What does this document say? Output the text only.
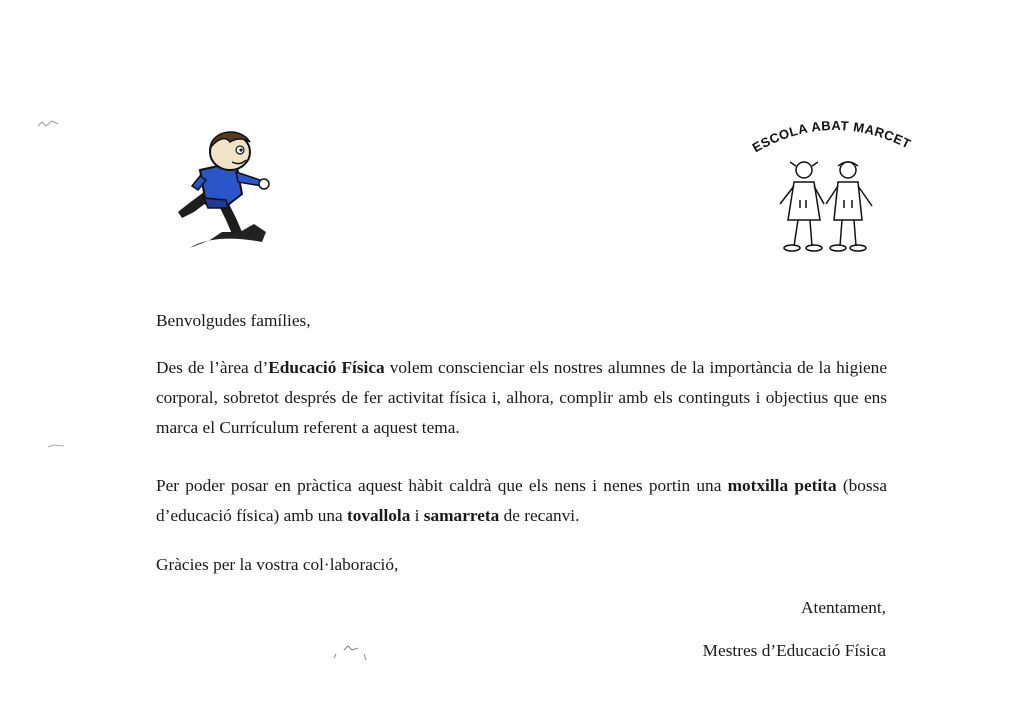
ESCOLA ABAT MARCET

Benvolgudes famílies,

Des de l’àrea d’Educació Física volem conscienciar els nostres alumnes de la importància de la higiene corporal, sobretot després de fer activitat física i, alhora, complir amb els continguts i objectius que ens marca el Currículum referent a aquest tema.

Per poder posar en pràctica aquest hàbit caldrà que els nens i nenes portin una motxilla petita (bossa d’educació física) amb una tovallola i samarreta de recanvi.

Gràcies per la vostra col·laboració,

Atentament,

Mestres d’Educació Física
